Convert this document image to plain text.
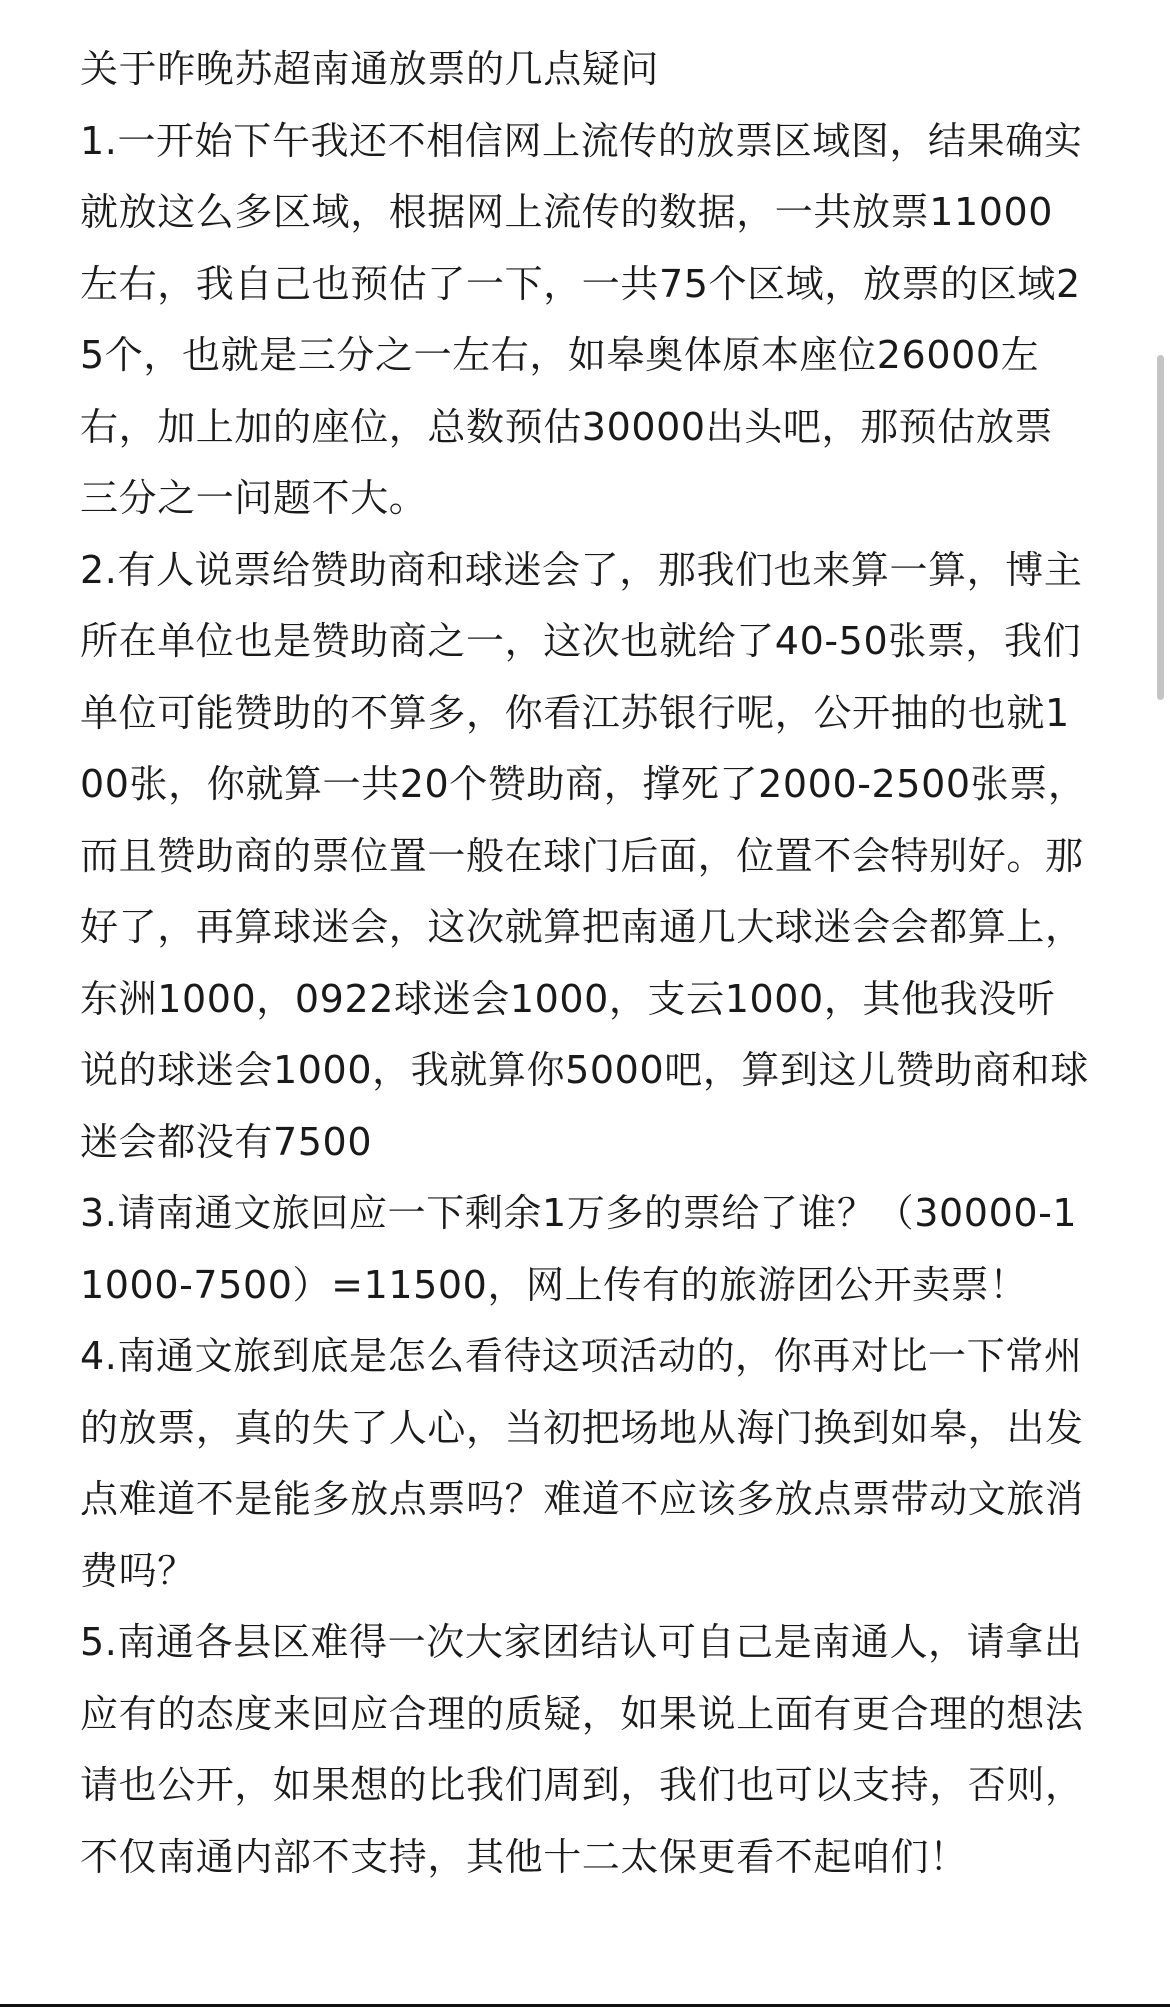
关于昨晚苏超南通放票的几点疑问

1.一开始下午我还不相信网上流传的放票区域图，结果确实就放这么多区域，根据网上流传的数据，一共放票11000左右，我自己也预估了一下，一共75个区域，放票的区域25个，也就是三分之一左右，如皋奥体原本座位26000左右，加上加的座位，总数预估30000出头吧，那预估放票三分之一问题不大。

2.有人说票给赞助商和球迷会了，那我们也来算一算，博主所在单位也是赞助商之一，这次也就给了40-50张票，我们单位可能赞助的不算多，你看江苏银行呢，公开抽的也就100张，你就算一共20个赞助商，撑死了2000-2500张票，而且赞助商的票位置一般在球门后面，位置不会特别好。那好了，再算球迷会，这次就算把南通几大球迷会会都算上，东洲1000，0922球迷会1000，支云1000，其他我没听说的球迷会1000，我就算你5000吧，算到这儿赞助商和球迷会都没有7500

3.请南通文旅回应一下剩余1万多的票给了谁？（30000-11000-7500）=11500，网上传有的旅游团公开卖票！

4.南通文旅到底是怎么看待这项活动的，你再对比一下常州的放票，真的失了人心，当初把场地从海门换到如皋，出发点难道不是能多放点票吗？难道不应该多放点票带动文旅消费吗？

5.南通各县区难得一次大家团结认可自己是南通人，请拿出应有的态度来回应合理的质疑，如果说上面有更合理的想法请也公开，如果想的比我们周到，我们也可以支持，否则，不仅南通内部不支持，其他十二太保更看不起咱们！
